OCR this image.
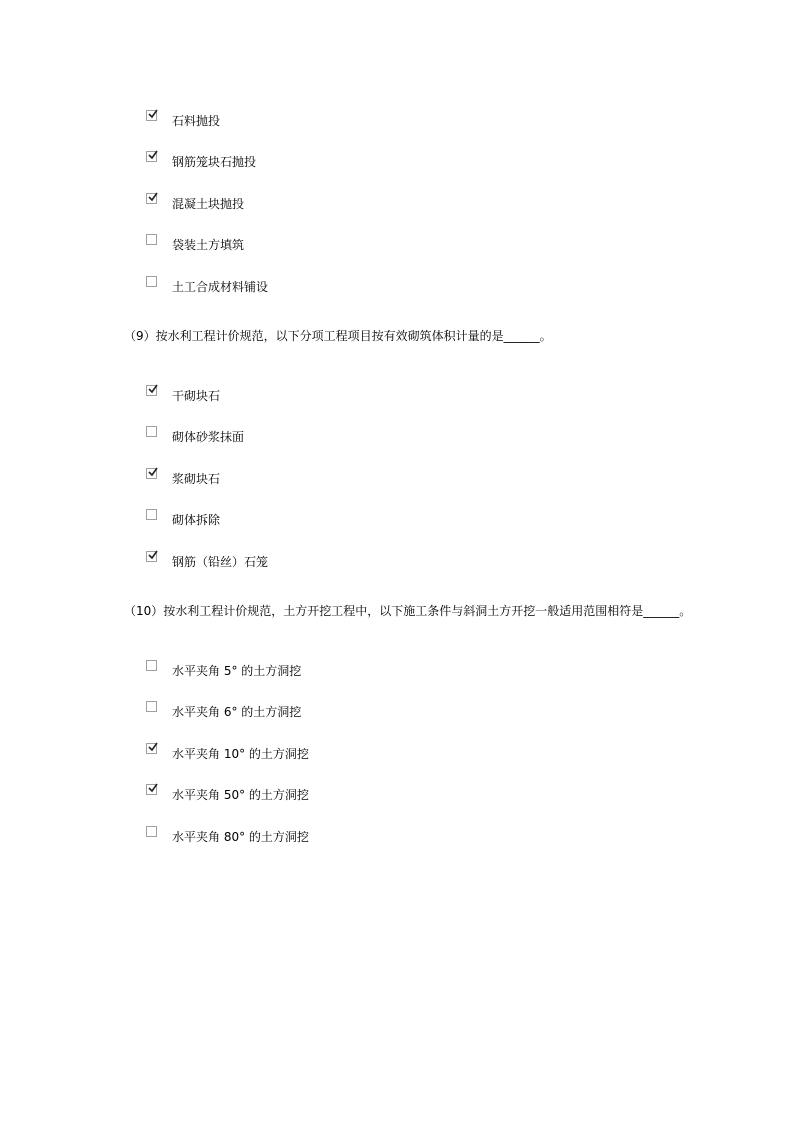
石料抛投
钢筋笼块石抛投
混凝土块抛投
袋装土方填筑
土工合成材料铺设
（9）按水利工程计价规范，以下分项工程项目按有效砌筑体积计量的是______。
干砌块石
砌体砂浆抹面
浆砌块石
砌体拆除
钢筋（铅丝）石笼
（10）按水利工程计价规范，土方开挖工程中，以下施工条件与斜洞土方开挖一般适用范围相符是______。
水平夹角 5° 的土方洞挖
水平夹角 6° 的土方洞挖
水平夹角 10° 的土方洞挖
水平夹角 50° 的土方洞挖
水平夹角 80° 的土方洞挖
